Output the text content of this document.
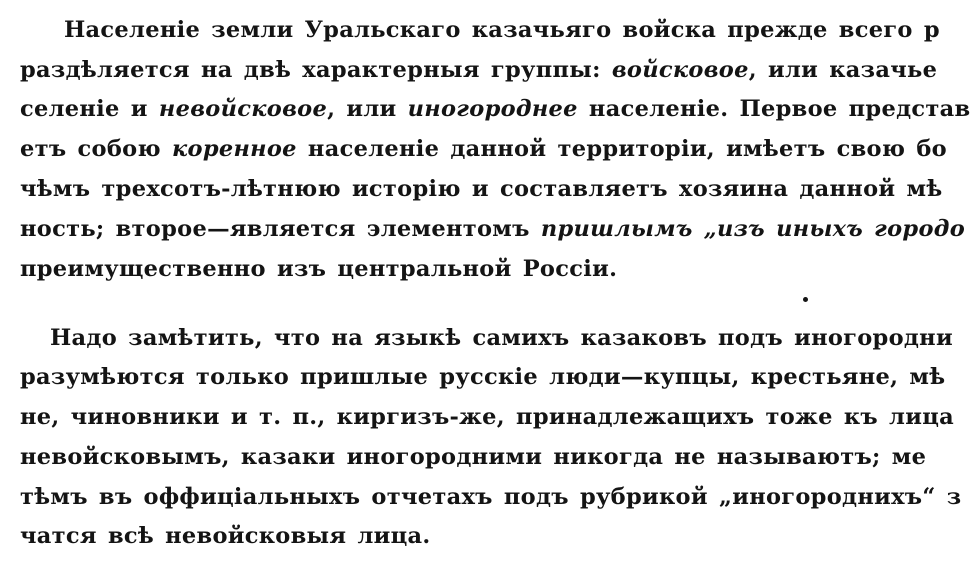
Населеніе земли Уральскаго казачьяго войска прежде всего р
раздѣляется на двѣ характерныя группы: войсковое, или казачье
селеніе и невойсковое, или иногороднее населеніе. Первое представ
етъ собою коренное населеніе данной территоріи, имѣетъ свою бо
чѣмъ трехсотъ-лѣтнюю исторію и составляетъ хозяина данной мѣ
ность; второе—является элементомъ пришлымъ „изъ иныхъ городо
преимущественно изъ центральной Россіи.
Надо замѣтить, что на языкѣ самихъ казаковъ подъ иногородни
разумѣются только пришлые русскіе люди—купцы, крестьяне, мѣ
не, чиновники и т. п., киргизъ-же, принадлежащихъ тоже къ лица
невойсковымъ, казаки иногородними никогда не называютъ; ме
тѣмъ въ оффиціальныхъ отчетахъ подъ рубрикой „иногороднихъ“ з
чатся всѣ невойсковыя лица.
